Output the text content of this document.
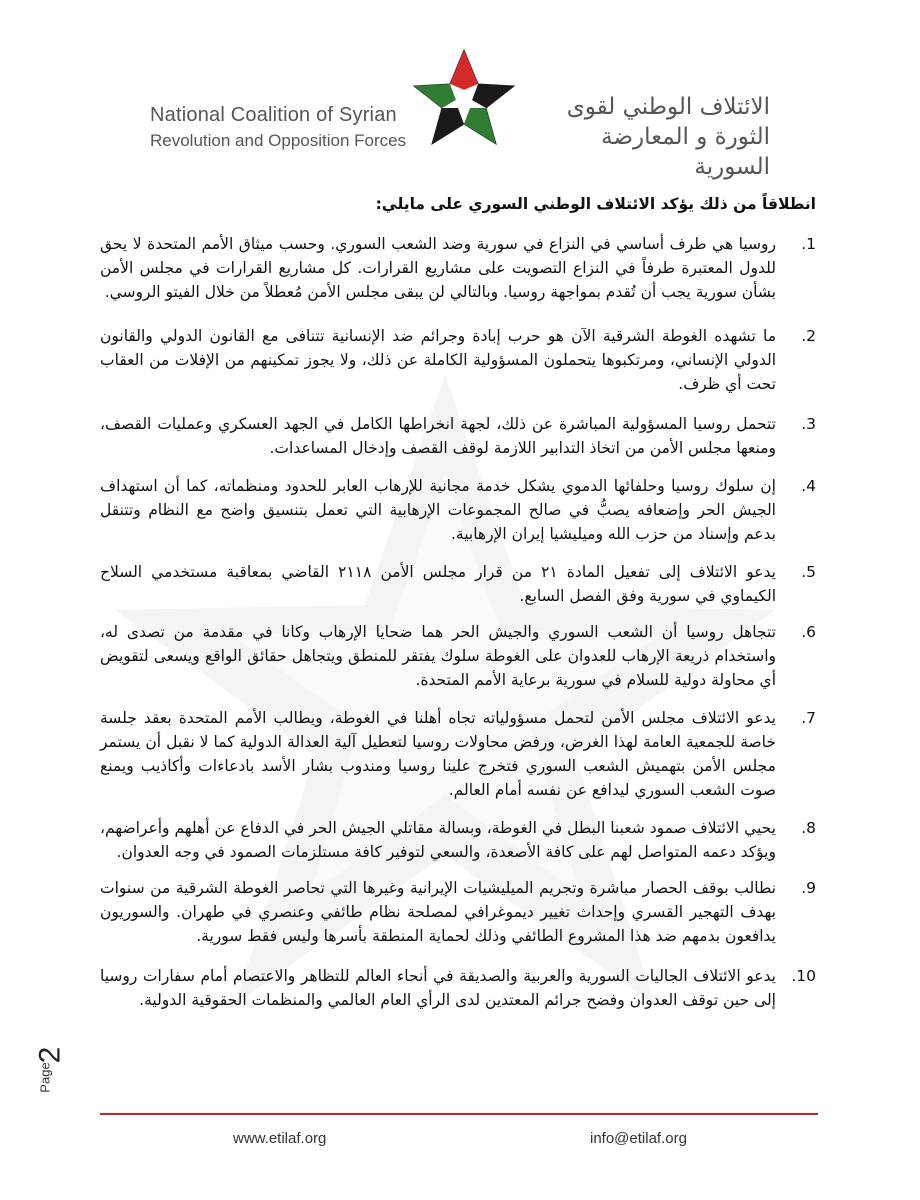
National Coalition of Syrian
Revolution and Opposition Forces
الائتلاف الوطني لقوى
الثورة و المعارضة السورية
انطلاقاً من ذلك يؤكد الائتلاف الوطني السوري على مايلي:
1.
روسيا هي طرف أساسي في النزاع في سورية وضد الشعب السوري. وحسب ميثاق الأمم المتحدة لا يحق للدول المعتبرة طرفاً في النزاع التصويت على مشاريع القرارات. كل مشاريع القرارات في مجلس الأمن بشأن سورية يجب أن تُقدم بمواجهة روسيا. وبالتالي لن يبقى مجلس الأمن مُعطلاً من خلال الفيتو الروسي.
2.
ما تشهده الغوطة الشرقية الآن هو حرب إبادة وجرائم ضد الإنسانية تتنافى مع القانون الدولي والقانون الدولي الإنساني، ومرتكبوها يتحملون المسؤولية الكاملة عن ذلك، ولا يجوز تمكينهم من الإفلات من العقاب تحت أي ظرف.
3.
تتحمل روسيا المسؤولية المباشرة عن ذلك، لجهة انخراطها الكامل في الجهد العسكري وعمليات القصف، ومنعها مجلس الأمن من اتخاذ التدابير اللازمة لوقف القصف وإدخال المساعدات.
4.
إن سلوك روسيا وحلفائها الدموي يشكل خدمة مجانية للإرهاب العابر للحدود ومنظماته، كما أن استهداف الجيش الحر وإضعافه يصبُّ في صالح المجموعات الإرهابية التي تعمل بتنسيق واضح مع النظام وتتنقل بدعم وإسناد من حزب الله وميليشيا إيران الإرهابية.
5.
يدعو الائتلاف إلى تفعيل المادة ٢١ من قرار مجلس الأمن ٢١١٨ القاضي بمعاقبة مستخدمي السلاح الكيماوي في سورية وفق الفصل السابع.
6.
تتجاهل روسيا أن الشعب السوري والجيش الحر هما ضحايا الإرهاب وكانا في مقدمة من تصدى له، واستخدام ذريعة الإرهاب للعدوان على الغوطة سلوك يفتقر للمنطق ويتجاهل حقائق الواقع ويسعى لتقويض أي محاولة دولية للسلام في سورية برعاية الأمم المتحدة.
7.
يدعو الائتلاف مجلس الأمن لتحمل مسؤولياته تجاه أهلنا في الغوطة، ويطالب الأمم المتحدة بعقد جلسة خاصة للجمعية العامة لهذا الغرض، ورفض محاولات روسيا لتعطيل آلية العدالة الدولية كما لا نقبل أن يستمر مجلس الأمن بتهميش الشعب السوري فتخرج علينا روسيا ومندوب بشار الأسد بادعاءات وأكاذيب ويمنع صوت الشعب السوري ليدافع عن نفسه أمام العالم.
8.
يحيي الائتلاف صمود شعبنا البطل في الغوطة، وبسالة مقاتلي الجيش الحر في الدفاع عن أهلهم وأعراضهم، ويؤكد دعمه المتواصل لهم على كافة الأصعدة، والسعي لتوفير كافة مستلزمات الصمود في وجه العدوان.
9.
نطالب بوقف الحصار مباشرة وتجريم الميليشيات الإيرانية وغيرها التي تحاصر الغوطة الشرقية من سنوات بهدف التهجير القسري وإحداث تغيير ديموغرافي لمصلحة نظام طائفي وعنصري في طهران. والسوريون يدافعون بدمهم ضد هذا المشروع الطائفي وذلك لحماية المنطقة بأسرها وليس فقط سورية.
10.
يدعو الائتلاف الجاليات السورية والعربية والصديقة في أنحاء العالم للتظاهر والاعتصام أمام سفارات روسيا إلى حين توقف العدوان وفضح جرائم المعتدين لدى الرأي العام العالمي والمنظمات الحقوقية الدولية.
Page
2
www.etilaf.org	info@etilaf.org
